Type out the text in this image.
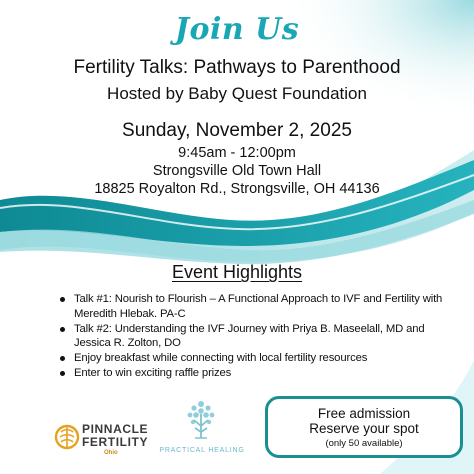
Join Us
Fertility Talks: Pathways to Parenthood
Hosted by Baby Quest Foundation
Sunday, November 2, 2025
9:45am - 12:00pm
Strongsville Old Town Hall
18825 Royalton Rd., Strongsville, OH 44136
Event Highlights
Talk #1: Nourish to Flourish – A Functional Approach to IVF and Fertility with Meredith Hlebak. PA-C
Talk #2: Understanding the IVF Journey with Priya B. Maseelall, MD and Jessica R. Zolton, DO
Enjoy breakfast while connecting with local fertility resources
Enter to win exciting raffle prizes
PINNACLE
FERTILITY
Ohio	PRACTICAL HEALING
Free admission
Reserve your spot
(only 50 available)
